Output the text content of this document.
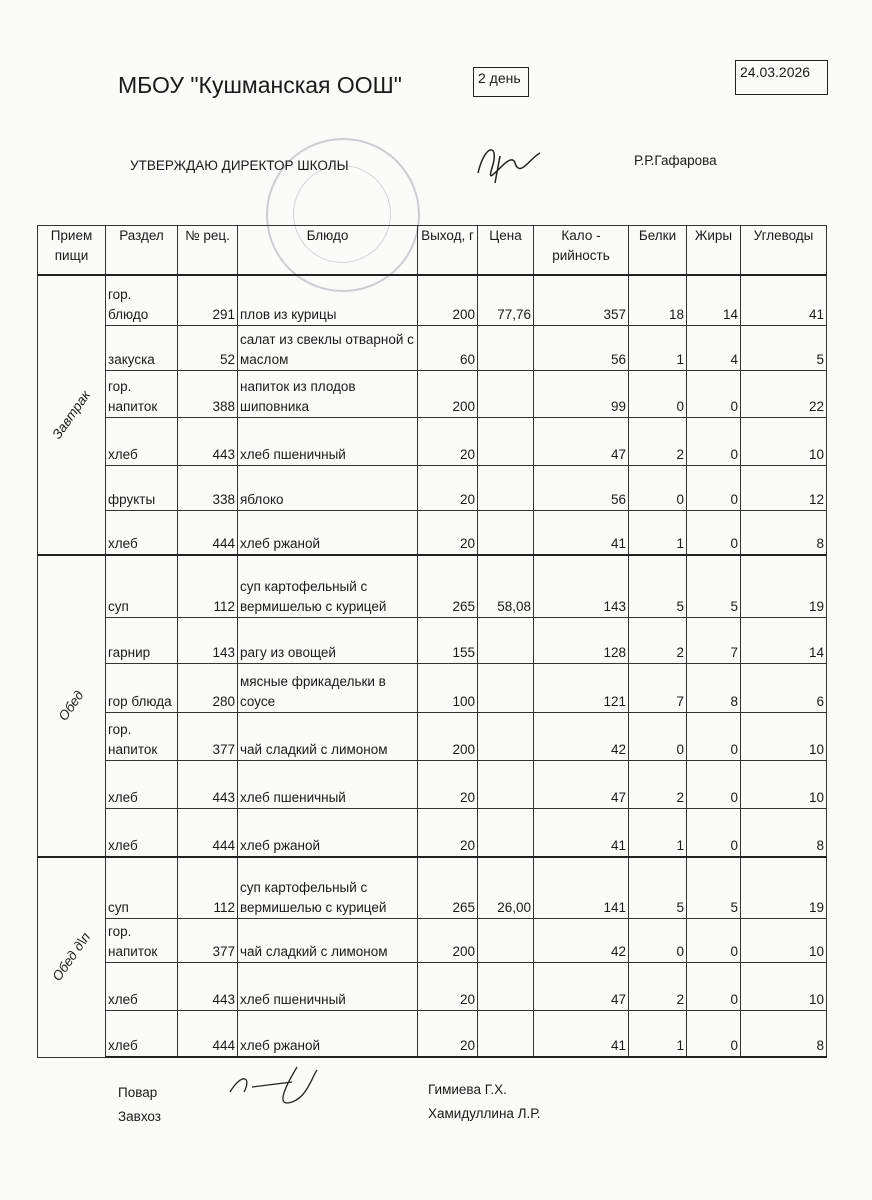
МБОУ "Кушманская ООШ"	2 день	24.03.2026
УТВЕРЖДАЮ ДИРЕКТОР ШКОЛЫ	Р.Р.Гафарова
Прием пищи	Раздел	№ рец.	Блюдо	Выход, г	Цена	Кало - рийность	Белки	Жиры	Углеводы
Завтрак	гор. блюдо	291	плов из курицы	200	77,76	357	18	14	41
	закуска	52	салат из свеклы отварной с маслом	60		56	1	4	5
	гор. напиток	388	напиток из плодов шиповника	200		99	0	0	22
	хлеб	443	хлеб пшеничный	20		47	2	0	10
	фрукты	338	яблоко	20		56	0	0	12
	хлеб	444	хлеб ржаной	20		41	1	0	8
Обед	суп	112	суп картофельный с вермишелью с курицей	265	58,08	143	5	5	19
	гарнир	143	рагу из овощей	155		128	2	7	14
	гор блюда	280	мясные фрикадельки в соусе	100		121	7	8	6
	гор. напиток	377	чай сладкий с лимоном	200		42	0	0	10
	хлеб	443	хлеб пшеничный	20		47	2	0	10
	хлеб	444	хлеб ржаной	20		41	1	0	8
Обед д\п	суп	112	суп картофельный с вермишелью с курицей	265	26,00	141	5	5	19
	гор. напиток	377	чай сладкий с лимоном	200		42	0	0	10
	хлеб	443	хлеб пшеничный	20		47	2	0	10
	хлеб	444	хлеб ржаной	20		41	1	0	8
Повар
Завхоз
Гимиева Г.Х.
Хамидуллина Л.Р.
